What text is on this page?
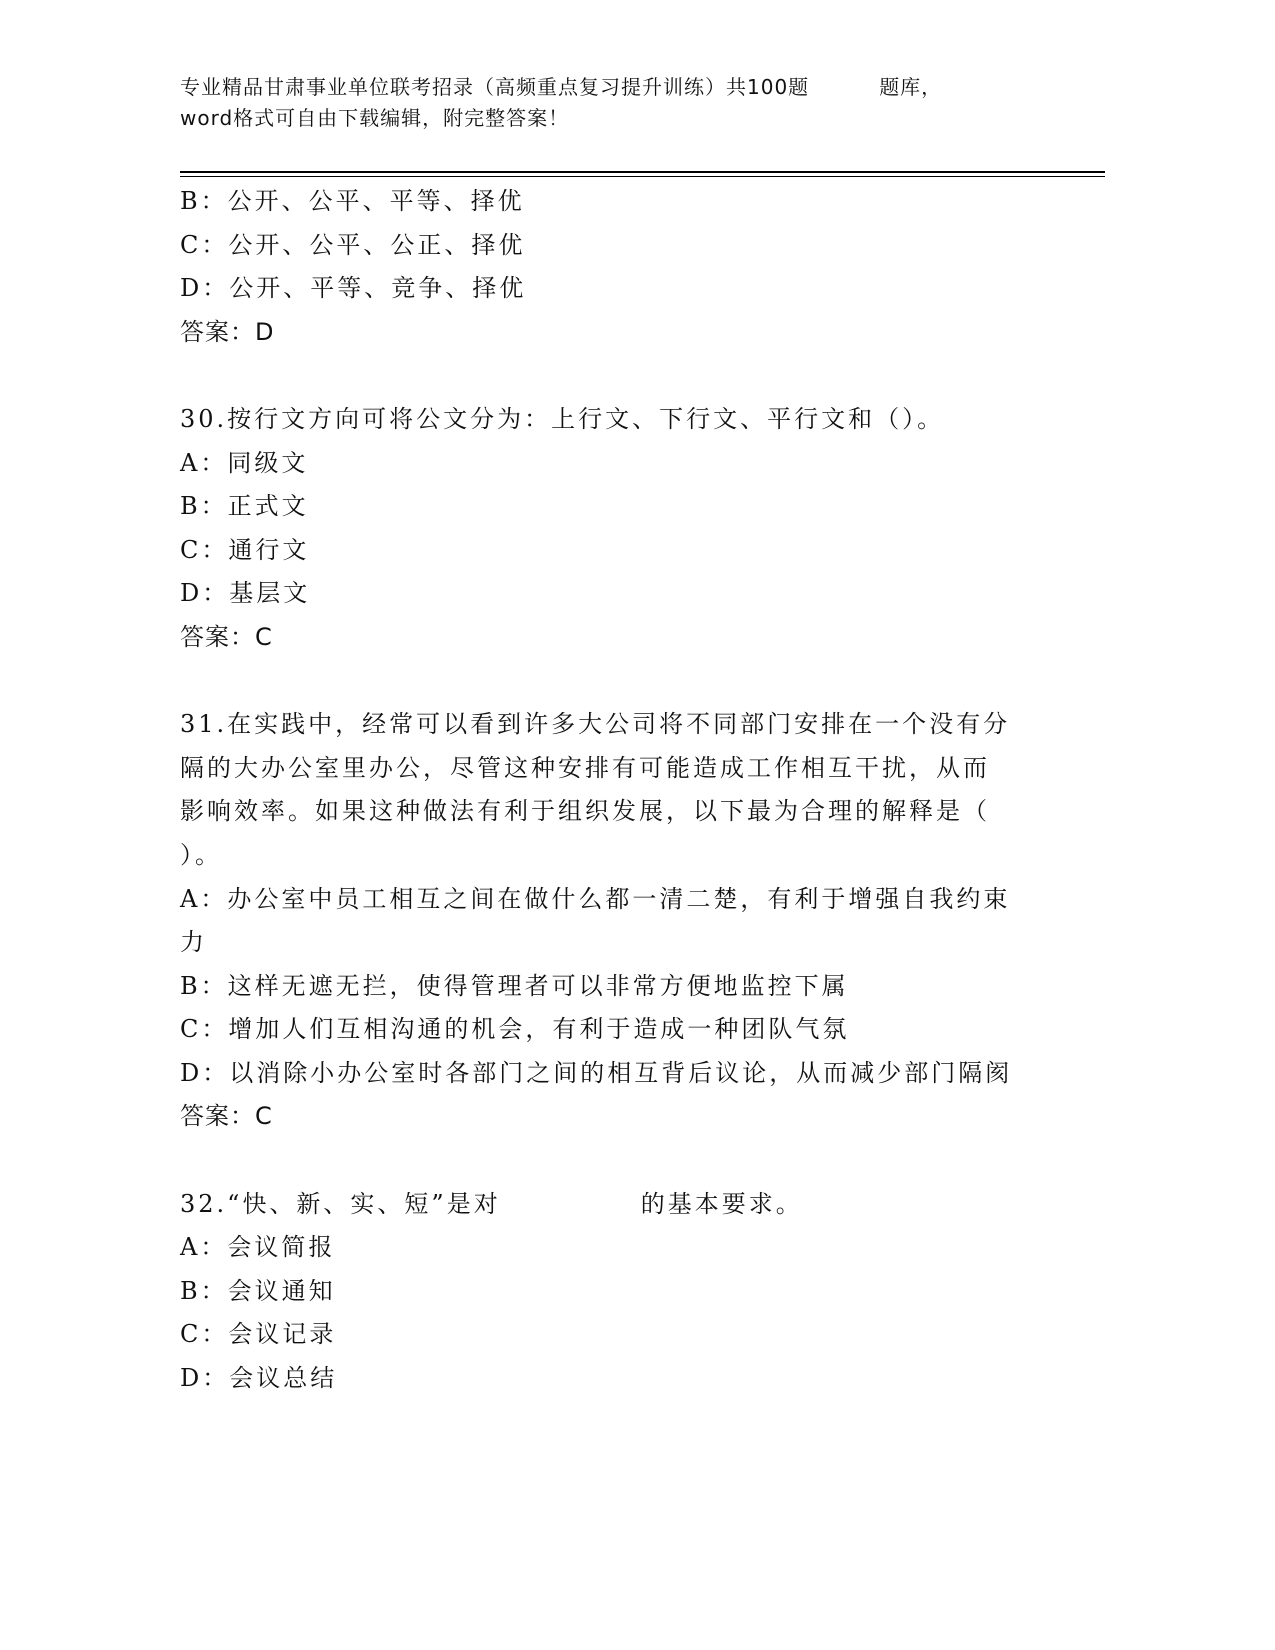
专业精品甘肃事业单位联考招录（高频重点复习提升训练）共100题	题库，
word格式可自由下载编辑，附完整答案！
B：公开、公平、平等、择优
C：公开、公平、公正、择优
D：公开、平等、竞争、择优
答案：D
30.按行文方向可将公文分为：上行文、下行文、平行文和（）。
A：同级文
B：正式文
C：通行文
D：基层文
答案：C
31.在实践中，经常可以看到许多大公司将不同部门安排在一个没有分
隔的大办公室里办公，尽管这种安排有可能造成工作相互干扰，从而
影响效率。如果这种做法有利于组织发展，以下最为合理的解释是（
）。
A：办公室中员工相互之间在做什么都一清二楚，有利于增强自我约束
力
B：这样无遮无拦，使得管理者可以非常方便地监控下属
C：增加人们互相沟通的机会，有利于造成一种团队气氛
D：以消除小办公室时各部门之间的相互背后议论，从而减少部门隔阂
答案：C
32.“快、新、实、短”是对	的基本要求。
A：会议简报
B：会议通知
C：会议记录
D：会议总结
